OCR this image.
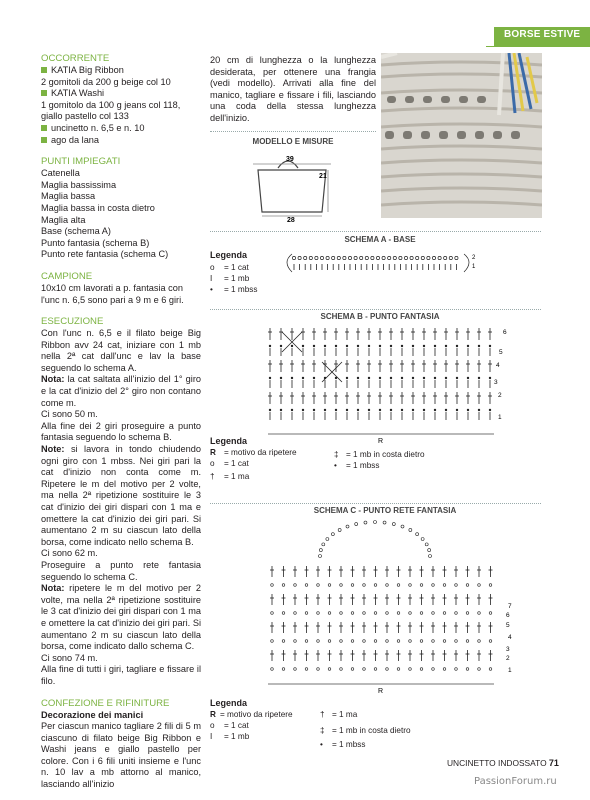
BORSE ESTIVE
OCCORRENTE

KATIA Big Ribbon

2 gomitoli da 200 g beige col 10

KATIA Washi

1 gomitolo da 100 g jeans col 118,

giallo pastello col 133

uncinetto n. 6,5 e n. 10

ago da lana

PUNTI IMPIEGATI

Catenella

Maglia bassissima

Maglia bassa

Maglia bassa in costa dietro

Maglia alta

Base (schema A)

Punto fantasia (schema B)

Punto rete fantasia (schema C)

CAMPIONE

10x10 cm lavorati a p. fantasia con l'unc n. 6,5 sono pari a 9 m e 6 giri.

ESECUZIONE

Con l'unc n. 6,5 e il filato beige Big Ribbon avv 24 cat, iniziare con 1 mb nella 2ª cat dall'unc e lav la base seguendo lo schema A.

Nota: la cat saltata all'inizio del 1° giro e la cat d'inizio del 2° giro non contano come m.

Ci sono 50 m.

Alla fine dei 2 giri proseguire a punto fantasia seguendo lo schema B.

Note: si lavora in tondo chiudendo ogni giro con 1 mbss. Nei giri pari la cat d'inizio non conta come m. Ripetere le m del motivo per 2 volte, ma nella 2ª ripetizione sostituire le 3 cat d'inizio dei giri dispari con 1 ma e omettere la cat d'inizio dei giri pari. Si aumentano 2 m su ciascun lato della borsa, come indicato nello schema B.

Ci sono 62 m.

Proseguire a punto rete fantasia seguendo lo schema C.

Nota: ripetere le m del motivo per 2 volte, ma nella 2ª ripetizione sostituire le 3 cat d'inizio dei giri dispari con 1 ma e omettere la cat d'inizio dei giri pari. Si aumentano 2 m su ciascun lato della borsa, come indicato dallo schema C.

Ci sono 74 m.

Alla fine di tutti i giri, tagliare e fissare il filo.

CONFEZIONE E RIFINITURE

Decorazione dei manici

Per ciascun manico tagliare 2 fili di 5 m ciascuno di filato beige Big Ribbon e Washi jeans e giallo pastello per colore. Con i 6 fili uniti insieme e l'unc n. 10 lav a mb attorno al manico, lasciando all'inizio

20 cm di lunghezza o la lunghezza desiderata, per ottenere una frangia (vedi modello). Arrivati alla fine del manico, tagliare e fissare i fili, lasciando una coda della stessa lunghezza dell'inizio.
MODELLO E MISURE
39
21
28
SCHEMA A - BASE
2
1
Legenda
o = 1 cat
I = 1 mb
• = 1 mbss
SCHEMA B - PUNTO FANTASIA
6
5
4
3
2
1
R
Legenda
R = motivo da ripetere
o = 1 cat
† = 1 ma
‡ = 1 mb in costa dietro
• = 1 mbss
SCHEMA C - PUNTO RETE FANTASIA
7
6
5
4
3
2
1
R
Legenda
R = motivo da ripetere
o = 1 cat
I = 1 mb
† = 1 ma
‡ = 1 mb in costa dietro
• = 1 mbss
UNCINETTO INDOSSATO 71
PassionForum.ru
